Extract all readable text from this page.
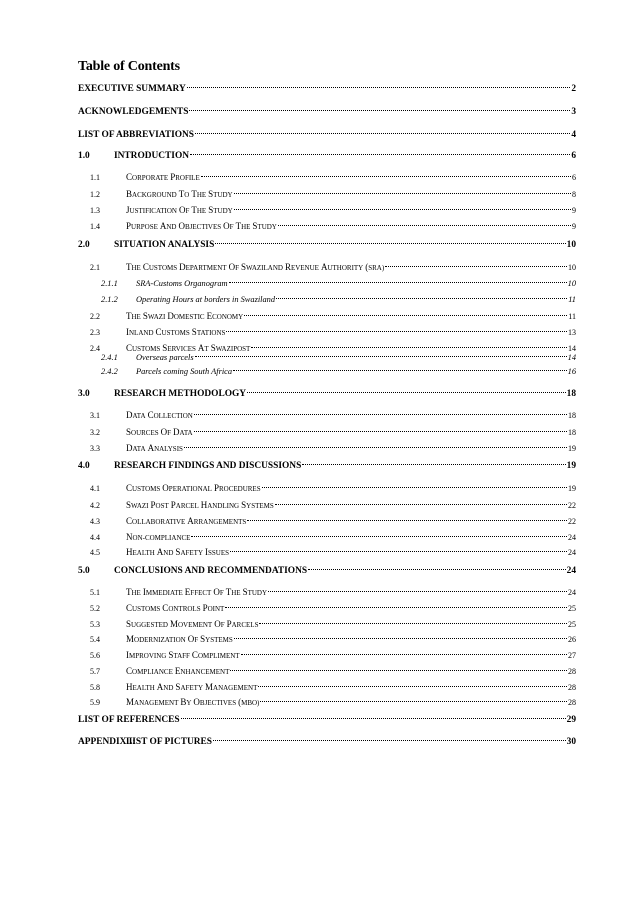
Table of Contents
EXECUTIVE SUMMARY	2
ACKNOWLEDGEMENTS	3
LIST OF ABBREVIATIONS	4
1.0	INTRODUCTION	6
1.1	CORPORATE PROFILE	6
1.2	BACKGROUND TO THE STUDY	8
1.3	JUSTIFICATION OF THE STUDY	9
1.4	PURPOSE AND OBJECTIVES OF THE STUDY	9
2.0	SITUATION ANALYSIS	10
2.1	THE CUSTOMS DEPARTMENT OF SWAZILAND REVENUE AUTHORITY (SRA)	10
2.1.1	SRA-Customs Organogram	10
2.1.2	Operating Hours at borders in Swaziland	11
2.2	THE SWAZI DOMESTIC ECONOMY	11
2.3	INLAND CUSTOMS STATIONS	13
2.4	CUSTOMS SERVICES AT SWAZIPOST	14
2.4.1	Overseas parcels	14
2.4.2	Parcels coming South Africa	16
3.0	RESEARCH METHODOLOGY	18
3.1	DATA COLLECTION	18
3.2	SOURCES OF DATA	18
3.3	DATA ANALYSIS	19
4.0	RESEARCH FINDINGS AND DISCUSSIONS	19
4.1	CUSTOMS OPERATIONAL PROCEDURES	19
4.2	SWAZI POST PARCEL HANDLING SYSTEMS	22
4.3	COLLABORATIVE ARRANGEMENTS	22
4.4	NON-COMPLIANCE	24
4.5	HEALTH AND SAFETY ISSUES	24
5.0	CONCLUSIONS AND RECOMMENDATIONS	24
5.1	THE IMMEDIATE EFFECT OF THE STUDY	24
5.2	CUSTOMS CONTROLS POINT	25
5.3	SUGGESTED MOVEMENT OF PARCELS	25
5.4	MODERNIZATION OF SYSTEMS	26
5.6	IMPROVING STAFF COMPLIMENT	27
5.7	COMPLIANCE ENHANCEMENT	28
5.8	HEALTH AND SAFETY MANAGEMENT	28
5.9	MANAGEMENT BY OBJECTIVES (MBO)	28
LIST OF REFERENCES	29
APPENDIX I:
LIST OF PICTURES	30
